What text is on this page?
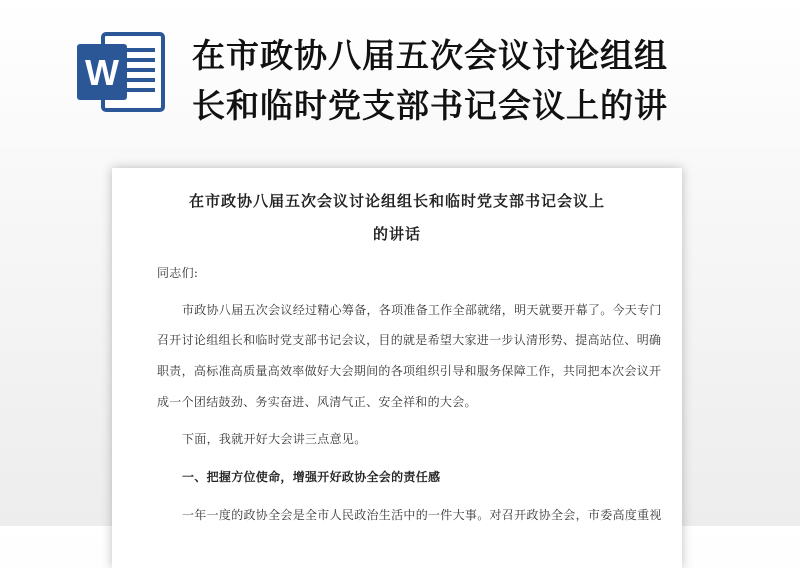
W 在市政协八届五次会议讨论组组
长和临时党支部书记会议上的讲
在市政协八届五次会议讨论组组长和临时党支部书记会议上
的讲话
同志们:
市政协八届五次会议经过精心筹备，各项准备工作全部就绪，明天就要开幕了。今天专门
召开讨论组组长和临时党支部书记会议，目的就是希望大家进一步认清形势、提高站位、明确
职责，高标准高质量高效率做好大会期间的各项组织引导和服务保障工作，共同把本次会议开
成一个团结鼓劲、务实奋进、风清气正、安全祥和的大会。
下面，我就开好大会讲三点意见。
一、把握方位使命，增强开好政协全会的责任感
一年一度的政协全会是全市人民政治生活中的一件大事。对召开政协全会，市委高度重视
